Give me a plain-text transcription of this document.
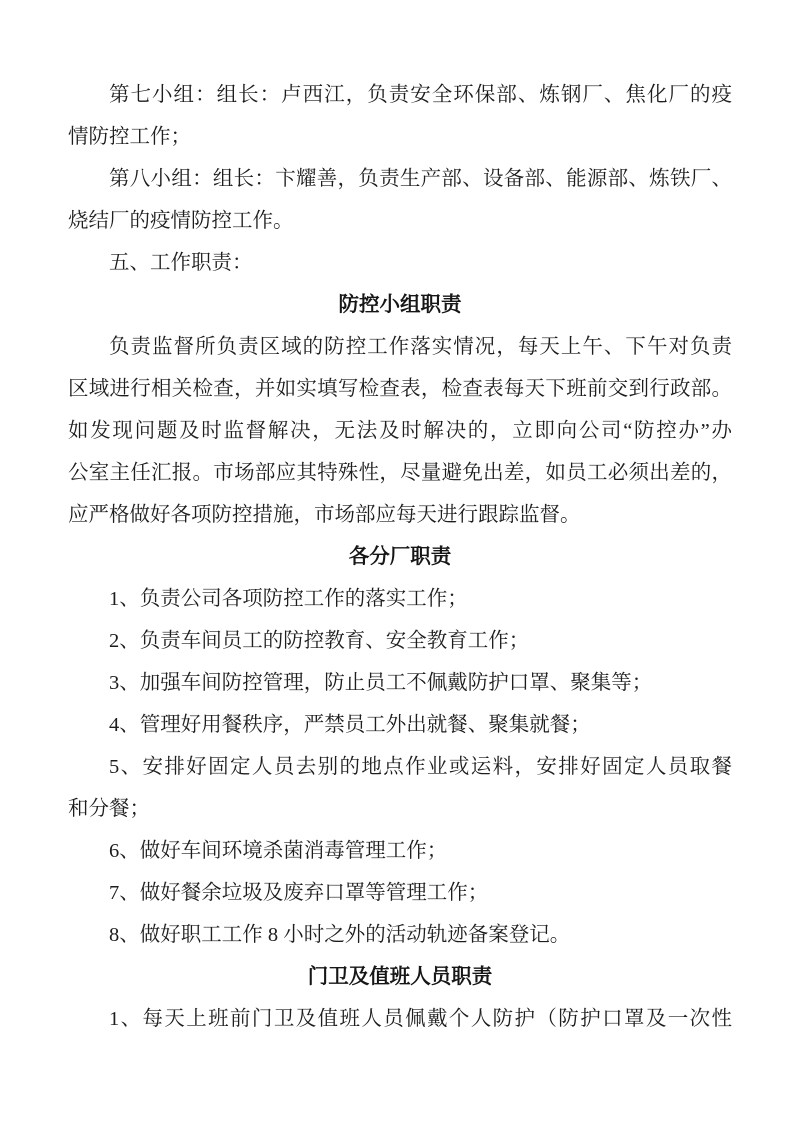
第七小组：组长：卢西江，负责安全环保部、炼钢厂、焦化厂的疫
情防控工作；
第八小组：组长：卞耀善，负责生产部、设备部、能源部、炼铁厂、
烧结厂的疫情防控工作。
五、工作职责：
防控小组职责
负责监督所负责区域的防控工作落实情况，每天上午、下午对负责
区域进行相关检查，并如实填写检查表，检查表每天下班前交到行政部。
如发现问题及时监督解决，无法及时解决的，立即向公司“防控办”办
公室主任汇报。市场部应其特殊性，尽量避免出差，如员工必须出差的，
应严格做好各项防控措施，市场部应每天进行跟踪监督。
各分厂职责
1、负责公司各项防控工作的落实工作；
2、负责车间员工的防控教育、安全教育工作；
3、加强车间防控管理，防止员工不佩戴防护口罩、聚集等；
4、管理好用餐秩序，严禁员工外出就餐、聚集就餐；
5、安排好固定人员去别的地点作业或运料，安排好固定人员取餐
和分餐；
6、做好车间环境杀菌消毒管理工作；
7、做好餐余垃圾及废弃口罩等管理工作；
8、做好职工工作 8 小时之外的活动轨迹备案登记。
门卫及值班人员职责
1、每天上班前门卫及值班人员佩戴个人防护（防护口罩及一次性
